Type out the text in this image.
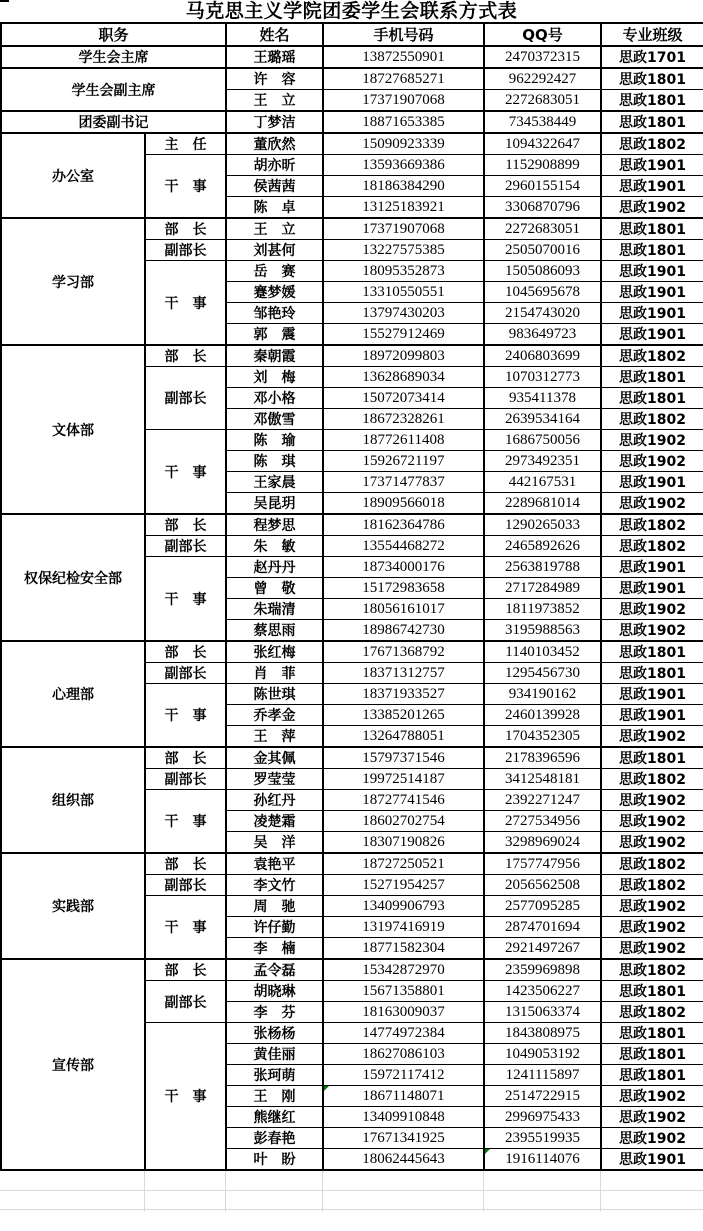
马克思主义学院团委学生会联系方式表
职务		姓名	手机号码	QQ号	专业班级
学生会主席		王璐瑶	13872550901	2470372315	思政1701
学生会副主席		许　容	18727685271	962292427	思政1801
		王　立	17371907068	2272683051	思政1801
团委副书记		丁梦洁	18871653385	734538449	思政1801
办公室	主　任	董欣然	15090923339	1094322647	思政1802
	干　事	胡亦昕	13593669386	1152908899	思政1901
		侯茜茜	18186384290	2960155154	思政1901
		陈　卓	13125183921	3306870796	思政1902
学习部	部　长	王　立	17371907068	2272683051	思政1801
	副部长	刘甚何	13227575385	2505070016	思政1801
	干　事	岳　赛	18095352873	1505086093	思政1901
		蹇梦媛	13310550551	1045695678	思政1901
		邹艳玲	13797430203	2154743020	思政1901
		郭　震	15527912469	983649723	思政1901
文体部	部　长	秦朝霞	18972099803	2406803699	思政1802
	副部长	刘　梅	13628689034	1070312773	思政1801
		邓小格	15072073414	935411378	思政1801
		邓傲雪	18672328261	2639534164	思政1802
	干　事	陈　瑜	18772611408	1686750056	思政1902
		陈　琪	15926721197	2973492351	思政1902
		王家晨	17371477837	442167531	思政1901
		吴昆玥	18909566018	2289681014	思政1902
权保纪检安全部	部　长	程梦思	18162364786	1290265033	思政1802
	副部长	朱　敏	13554468272	2465892626	思政1802
	干　事	赵丹丹	18734000176	2563819788	思政1901
		曾　敬	15172983658	2717284989	思政1901
		朱瑞清	18056161017	1811973852	思政1902
		蔡思雨	18986742730	3195988563	思政1902
心理部	部　长	张红梅	17671368792	1140103452	思政1801
	副部长	肖　菲	18371312757	1295456730	思政1801
	干　事	陈世琪	18371933527	934190162	思政1901
		乔孝金	13385201265	2460139928	思政1901
		王　萍	13264788051	1704352305	思政1902
组织部	部　长	金其佩	15797371546	2178396596	思政1801
	副部长	罗莹莹	19972514187	3412548181	思政1802
	干　事	孙红丹	18727741546	2392271247	思政1902
		凌楚霜	18602702754	2727534956	思政1902
		吴　洋	18307190826	3298969024	思政1902
实践部	部　长	袁艳平	18727250521	1757747956	思政1802
	副部长	李文竹	15271954257	2056562508	思政1802
	干　事	周　驰	13409906793	2577095285	思政1902
		许仔勤	13197416919	2874701694	思政1902
		李　楠	18771582304	2921497267	思政1902
宣传部	部　长	孟令磊	15342872970	2359969898	思政1802
	副部长	胡晓琳	15671358801	1423506227	思政1801
		李　芬	18163009037	1315063374	思政1802
	干　事	张杨杨	14774972384	1843808975	思政1801
		黄佳丽	18627086103	1049053192	思政1801
		张珂萌	15972117412	1241115897	思政1801
		王　刚	18671148071	2514722915	思政1902
		熊继红	13409910848	2996975433	思政1902
		彭春艳	17671341925	2395519935	思政1902
		叶　盼	18062445643	1916114076	思政1901
